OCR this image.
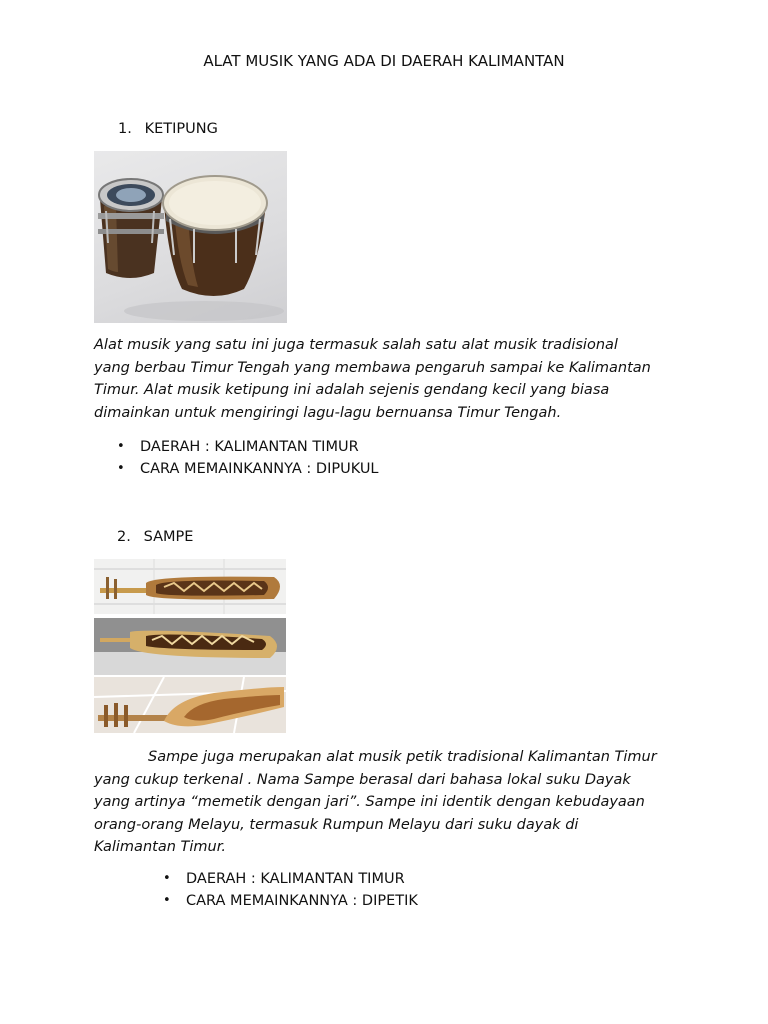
ALAT MUSIK YANG ADA DI DAERAH KALIMANTAN
1. KETIPUNG
Alat musik yang satu ini juga termasuk salah satu alat musik tradisional
yang berbau Timur Tengah yang membawa pengaruh sampai ke Kalimantan
Timur. Alat musik ketipung ini adalah sejenis gendang kecil yang biasa
dimainkan untuk mengiringi lagu-lagu bernuansa Timur Tengah.
• DAERAH : KALIMANTAN TIMUR
• CARA MEMAINKANNYA : DIPUKUL
2. SAMPE
Sampe juga merupakan alat musik petik tradisional Kalimantan Timur
yang cukup terkenal . Nama Sampe berasal dari bahasa lokal suku Dayak
yang artinya “memetik dengan jari”. Sampe ini identik dengan kebudayaan
orang-orang Melayu, termasuk Rumpun Melayu dari suku dayak di
Kalimantan Timur.
• DAERAH : KALIMANTAN TIMUR
• CARA MEMAINKANNYA : DIPETIK
